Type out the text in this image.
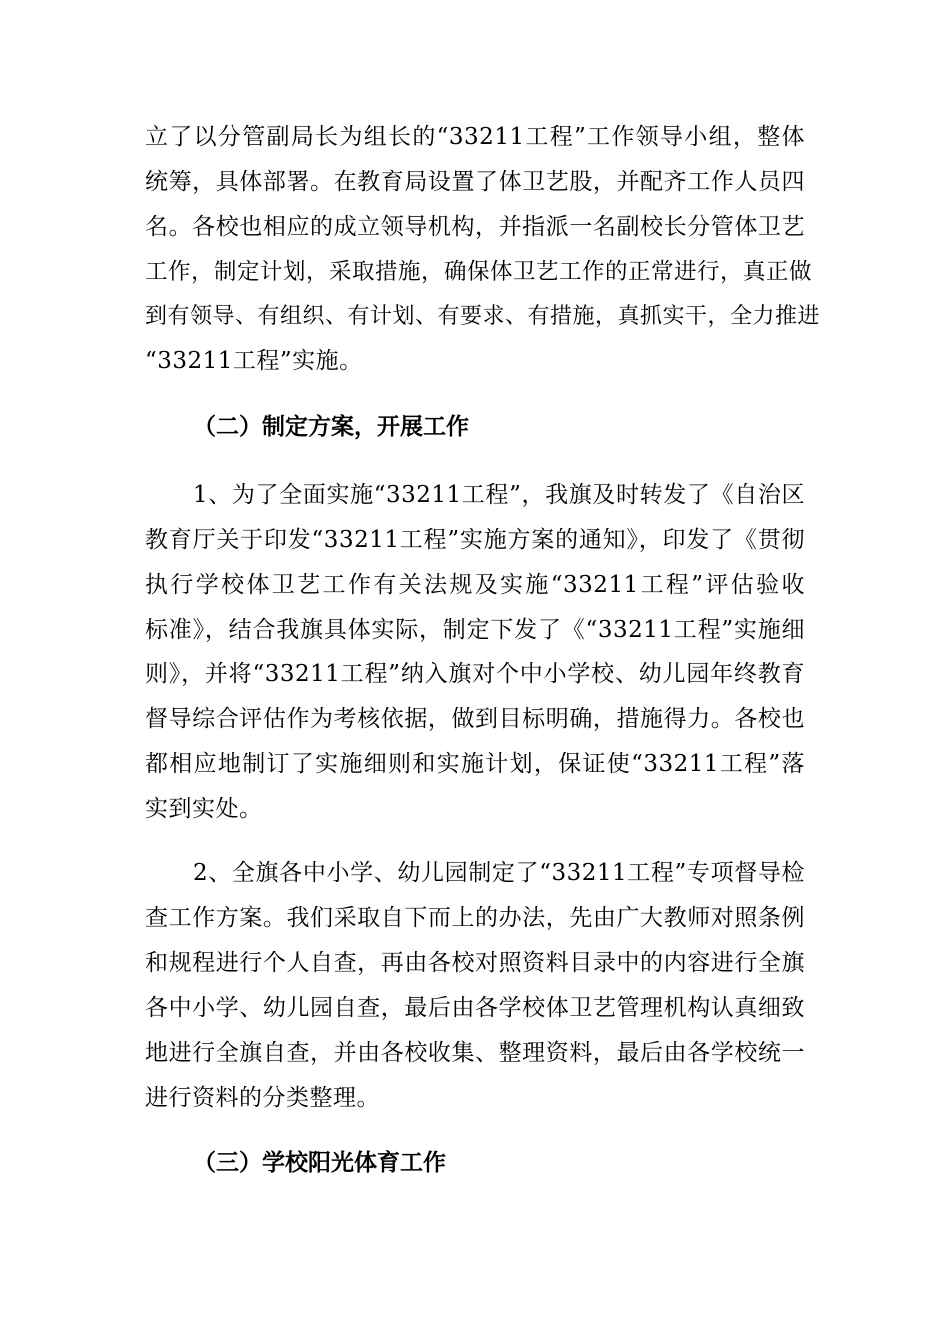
立了以分管副局长为组长的“33211工程”工作领导小组，整体
统筹，具体部署。在教育局设置了体卫艺股，并配齐工作人员四
名。各校也相应的成立领导机构，并指派一名副校长分管体卫艺
工作，制定计划，采取措施，确保体卫艺工作的正常进行，真正做
到有领导、有组织、有计划、有要求、有措施，真抓实干，全力推进
“33211工程”实施。
（二）制定方案，开展工作
1、为了全面实施“33211工程”，我旗及时转发了《自治区
教育厅关于印发“33211工程”实施方案的通知》，印发了《贯彻
执行学校体卫艺工作有关法规及实施“33211工程”评估验收
标准》，结合我旗具体实际，制定下发了《“33211工程”实施细
则》，并将“33211工程”纳入旗对个中小学校、幼儿园年终教育
督导综合评估作为考核依据，做到目标明确，措施得力。各校也
都相应地制订了实施细则和实施计划，保证使“33211工程”落
实到实处。
2、全旗各中小学、幼儿园制定了“33211工程”专项督导检
查工作方案。我们采取自下而上的办法，先由广大教师对照条例
和规程进行个人自查，再由各校对照资料目录中的内容进行全旗
各中小学、幼儿园自查，最后由各学校体卫艺管理机构认真细致
地进行全旗自查，并由各校收集、整理资料，最后由各学校统一
进行资料的分类整理。
（三）学校阳光体育工作
